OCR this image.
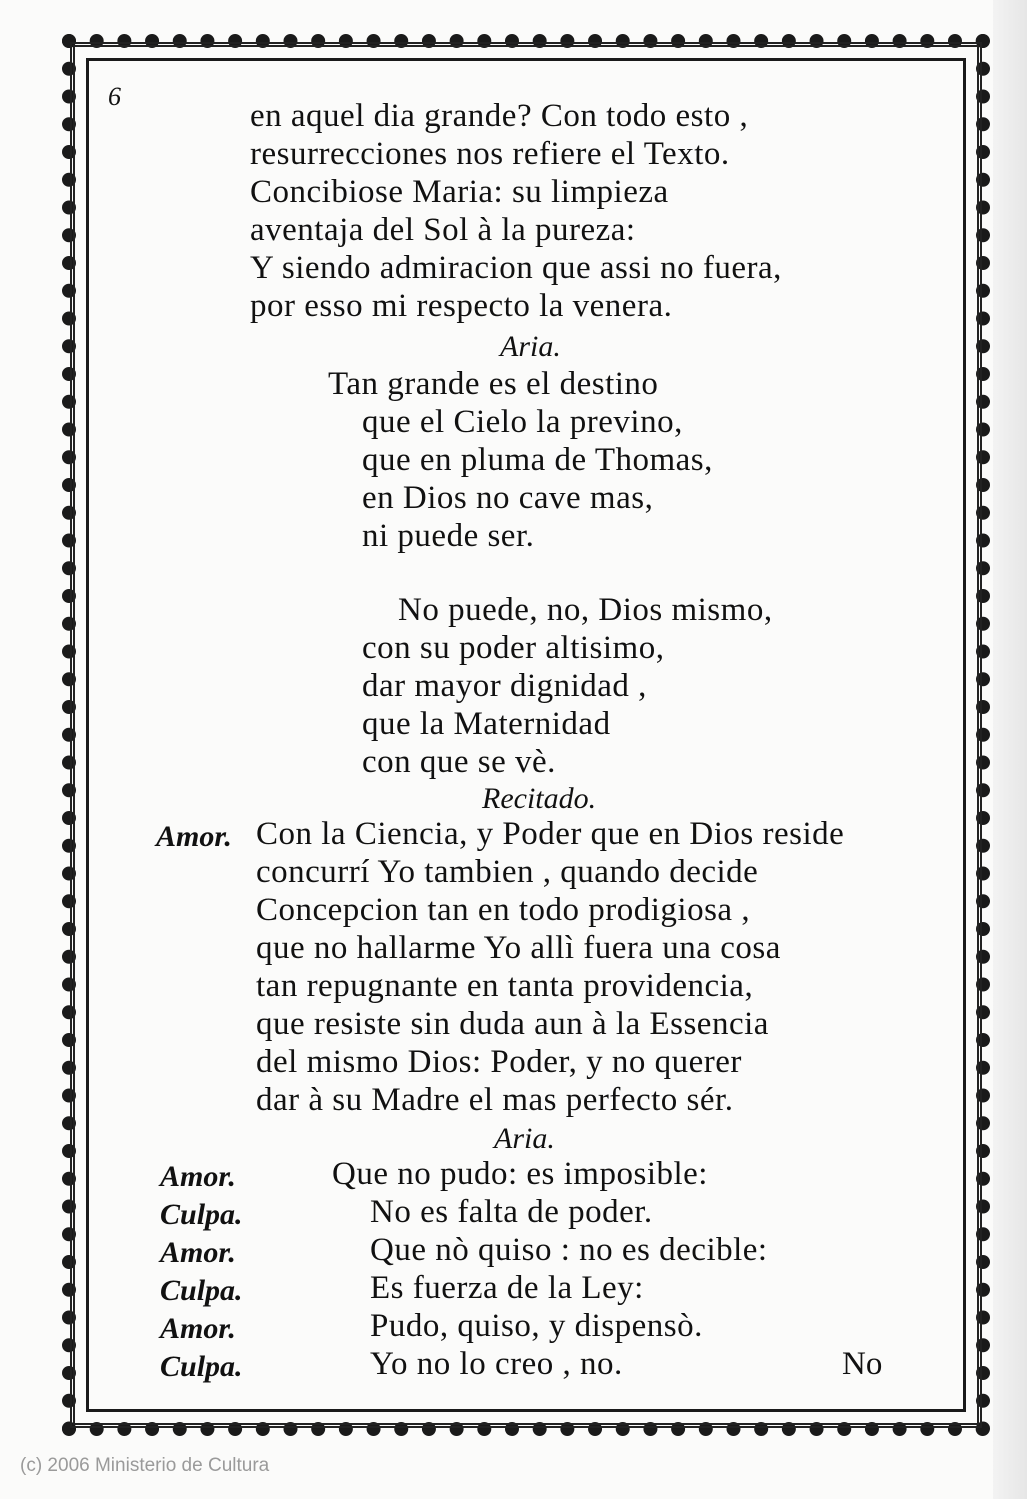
6
en aquel dia grande? Con todo esto ,
resurrecciones nos refiere el Texto.
Concibiose Maria: su limpieza
aventaja del Sol à la pureza:
Y siendo admiracion que assi no fuera,
por esso mi respecto la venera.
Aria.
Tan grande es el destino
que el Cielo la previno,
que en pluma de Thomas,
en Dios no cave mas,
ni puede ser.
No puede, no, Dios mismo,
con su poder altisimo,
dar mayor dignidad ,
que la Maternidad
con que se vè.
Recitado.
Amor. Con la Ciencia, y Poder que en Dios reside
concurrí Yo tambien , quando decide
Concepcion tan en todo prodigiosa ,
que no hallarme Yo allì fuera una cosa
tan repugnante en tanta providencia,
que resiste sin duda aun à la Essencia
del mismo Dios: Poder, y no querer
dar à su Madre el mas perfecto sér.
Aria.
Amor.	Que no pudo: es imposible:
Culpa.	No es falta de poder.
Amor.	Que nò quiso : no es decible:
Culpa.	Es fuerza de la Ley:
Amor.	Pudo, quiso, y dispensò.
Culpa.	Yo no lo creo , no.	No
(c) 2006 Ministerio de Cultura
